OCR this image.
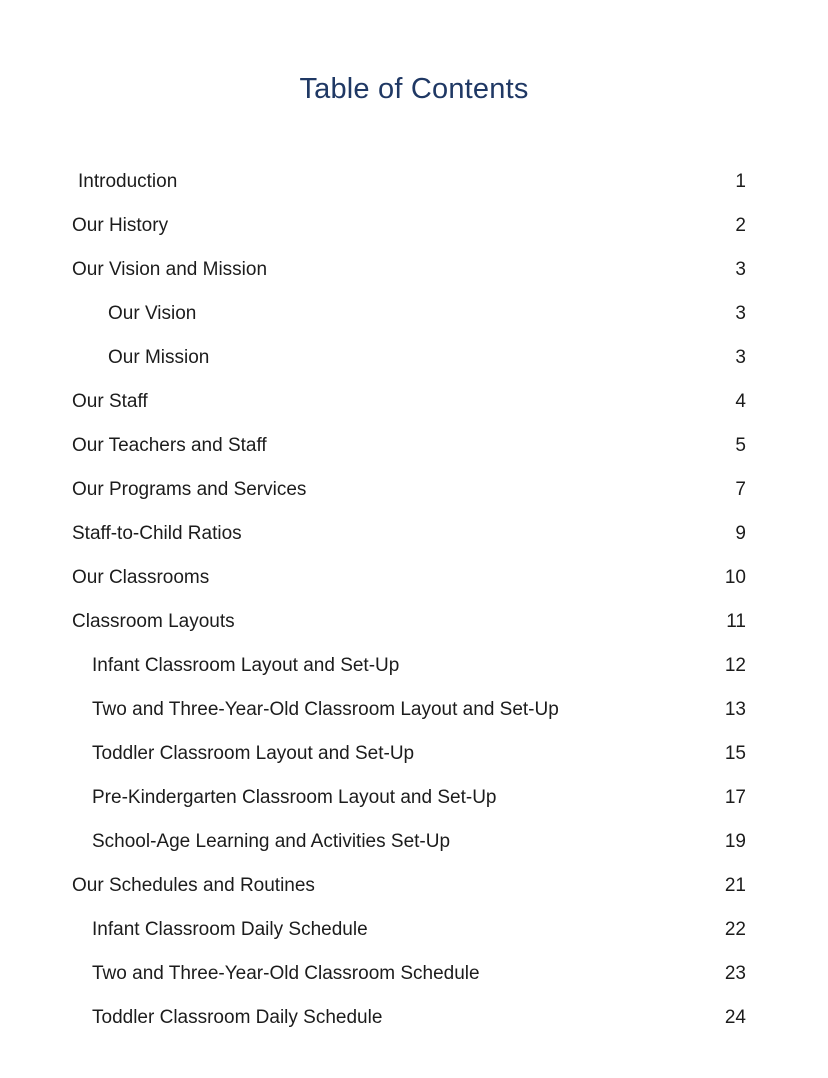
Table of Contents
Introduction	1
Our History	2
Our Vision and Mission	3
Our Vision	3
Our Mission	3
Our Staff	4
Our Teachers and Staff	5
Our Programs and Services	7
Staff-to-Child Ratios	9
Our Classrooms	10
Classroom Layouts	11
Infant Classroom Layout and Set-Up	12
Two and Three-Year-Old Classroom Layout and Set-Up	13
Toddler Classroom Layout and Set-Up	15
Pre-Kindergarten Classroom Layout and Set-Up	17
School-Age Learning and Activities Set-Up	19
Our Schedules and Routines	21
Infant Classroom Daily Schedule	22
Two and Three-Year-Old Classroom Schedule	23
Toddler Classroom Daily Schedule	24
